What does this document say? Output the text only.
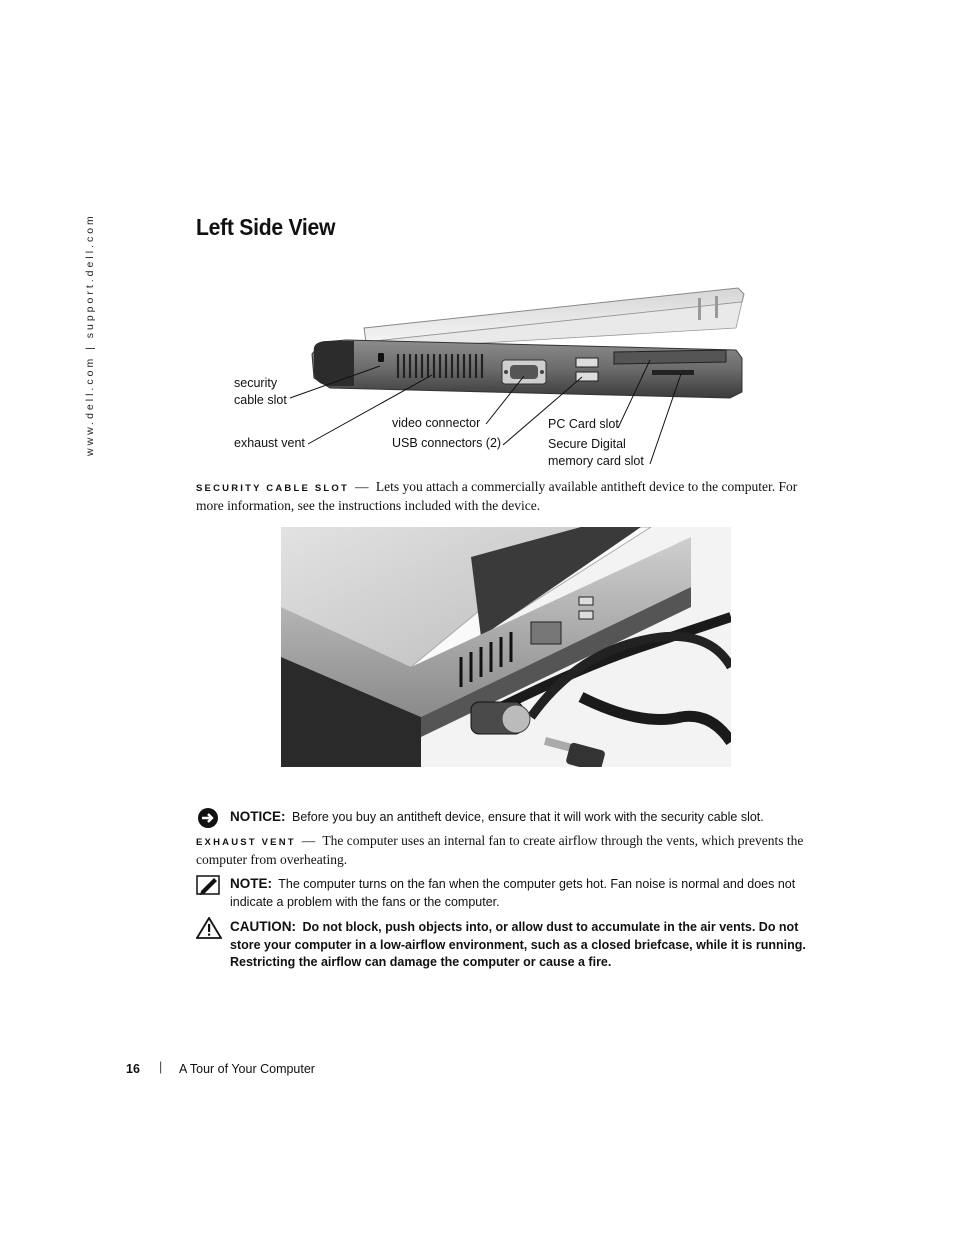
www.dell.com | support.dell.com	Left Side View
security
cable slot
exhaust vent
video connector
USB connectors (2)
PC Card slot
Secure Digital
memory card slot
SECURITY CABLE SLOT — Lets you attach a commercially available antitheft device to the computer. For more information, see the instructions included with the device.
NOTICE: Before you buy an antitheft device, ensure that it will work with the security cable slot.
EXHAUST VENT — The computer uses an internal fan to create airflow through the vents, which prevents the computer from overheating.
NOTE: The computer turns on the fan when the computer gets hot. Fan noise is normal and does not indicate a problem with the fans or the computer.
CAUTION: Do not block, push objects into, or allow dust to accumulate in the air vents. Do not store your computer in a low-airflow environment, such as a closed briefcase, while it is running. Restricting the airflow can damage the computer or cause a fire.
16 | A Tour of Your Computer
